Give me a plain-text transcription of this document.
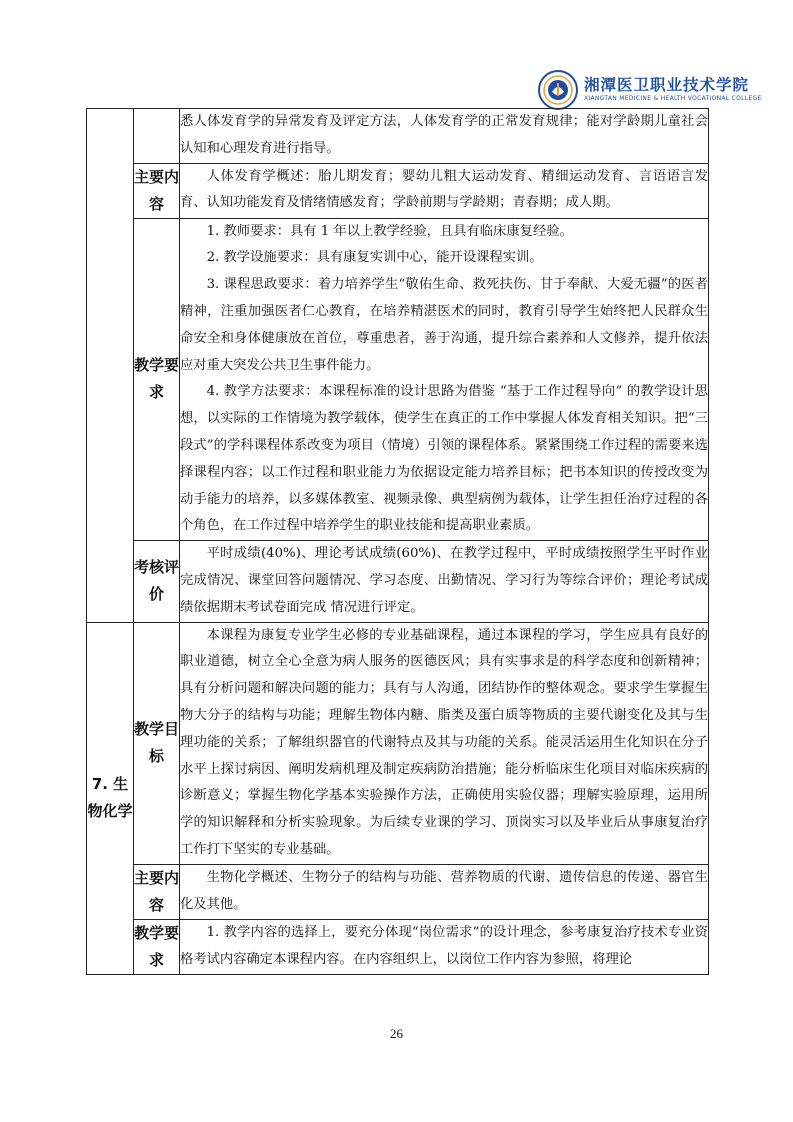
湘潭医卫职业技术学院
XIANGTAN MEDICINE & HEALTH VOCATIONAL COLLEGE

		悉人体发育学的异常发育及评定方法，人体发育学的正常发育规律；能对学龄期儿童社会认知和心理发育进行指导。

	主要内容	人体发育学概述：胎儿期发育；婴幼儿粗大运动发育、精细运动发育、言语语言发育、认知功能发育及情绪情感发育；学龄前期与学龄期；青春期；成人期。

	教学要求	1. 教师要求：具有 1 年以上教学经验，且具有临床康复经验。

2. 教学设施要求：具有康复实训中心，能开设课程实训。

3. 课程思政要求：着力培养学生“敬佑生命、救死扶伤、甘于奉献、大爱无疆”的医者精神，注重加强医者仁心教育，在培养精湛医术的同时，教育引导学生始终把人民群众生命安全和身体健康放在首位，尊重患者，善于沟通，提升综合素养和人文修养，提升依法应对重大突发公共卫生事件能力。

4. 教学方法要求：本课程标准的设计思路为借鉴 “基于工作过程导向” 的教学设计思想，以实际的工作情境为教学载体，使学生在真正的工作中掌握人体发育相关知识。把“三段式”的学科课程体系改变为项目（情境）引领的课程体系。紧紧围绕工作过程的需要来选择课程内容；以工作过程和职业能力为依据设定能力培养目标；把书本知识的传授改变为动手能力的培养，以多媒体教室、视频录像、典型病例为载体，让学生担任治疗过程的各个角色，在工作过程中培养学生的职业技能和提高职业素质。

	考核评价	平时成绩(40%)、理论考试成绩(60%)、在教学过程中，平时成绩按照学生平时作业完成情况、课堂回答问题情况、学习态度、出勤情况、学习行为等综合评价；理论考试成绩依据期末考试卷面完成 情况进行评定。

7. 生物化学	教学目标	本课程为康复专业学生必修的专业基础课程，通过本课程的学习，学生应具有良好的职业道德，树立全心全意为病人服务的医德医风；具有实事求是的科学态度和创新精神；具有分析问题和解决问题的能力；具有与人沟通，团结协作的整体观念。要求学生掌握生物大分子的结构与功能；理解生物体内糖、脂类及蛋白质等物质的主要代谢变化及其与生理功能的关系；了解组织器官的代谢特点及其与功能的关系。能灵活运用生化知识在分子水平上探讨病因、阐明发病机理及制定疾病防治措施；能分析临床生化项目对临床疾病的诊断意义；掌握生物化学基本实验操作方法，正确使用实验仪器；理解实验原理，运用所学的知识解释和分析实验现象。为后续专业课的学习、顶岗实习以及毕业后从事康复治疗工作打下坚实的专业基础。

	主要内容	生物化学概述、生物分子的结构与功能、营养物质的代谢、遗传信息的传递、器官生化及其他。

	教学要求	1. 教学内容的选择上，要充分体现“岗位需求”的设计理念，参考康复治疗技术专业资格考试内容确定本课程内容。在内容组织上，以岗位工作内容为参照，将理论

26
